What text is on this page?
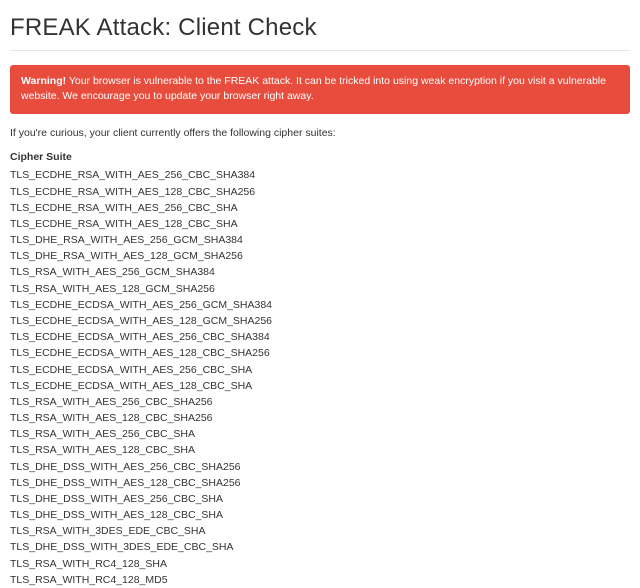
FREAK Attack: Client Check
Warning! Your browser is vulnerable to the FREAK attack. It can be tricked into using weak encryption if you visit a vulnerable website. We encourage you to update your browser right away.

If you're curious, your client currently offers the following cipher suites:

Cipher Suite
TLS_ECDHE_RSA_WITH_AES_256_CBC_SHA384
TLS_ECDHE_RSA_WITH_AES_128_CBC_SHA256
TLS_ECDHE_RSA_WITH_AES_256_CBC_SHA
TLS_ECDHE_RSA_WITH_AES_128_CBC_SHA
TLS_DHE_RSA_WITH_AES_256_GCM_SHA384
TLS_DHE_RSA_WITH_AES_128_GCM_SHA256
TLS_RSA_WITH_AES_256_GCM_SHA384
TLS_RSA_WITH_AES_128_GCM_SHA256
TLS_ECDHE_ECDSA_WITH_AES_256_GCM_SHA384
TLS_ECDHE_ECDSA_WITH_AES_128_GCM_SHA256
TLS_ECDHE_ECDSA_WITH_AES_256_CBC_SHA384
TLS_ECDHE_ECDSA_WITH_AES_128_CBC_SHA256
TLS_ECDHE_ECDSA_WITH_AES_256_CBC_SHA
TLS_ECDHE_ECDSA_WITH_AES_128_CBC_SHA
TLS_RSA_WITH_AES_256_CBC_SHA256
TLS_RSA_WITH_AES_128_CBC_SHA256
TLS_RSA_WITH_AES_256_CBC_SHA
TLS_RSA_WITH_AES_128_CBC_SHA
TLS_DHE_DSS_WITH_AES_256_CBC_SHA256
TLS_DHE_DSS_WITH_AES_128_CBC_SHA256
TLS_DHE_DSS_WITH_AES_256_CBC_SHA
TLS_DHE_DSS_WITH_AES_128_CBC_SHA
TLS_RSA_WITH_3DES_EDE_CBC_SHA
TLS_DHE_DSS_WITH_3DES_EDE_CBC_SHA
TLS_RSA_WITH_RC4_128_SHA
TLS_RSA_WITH_RC4_128_MD5
